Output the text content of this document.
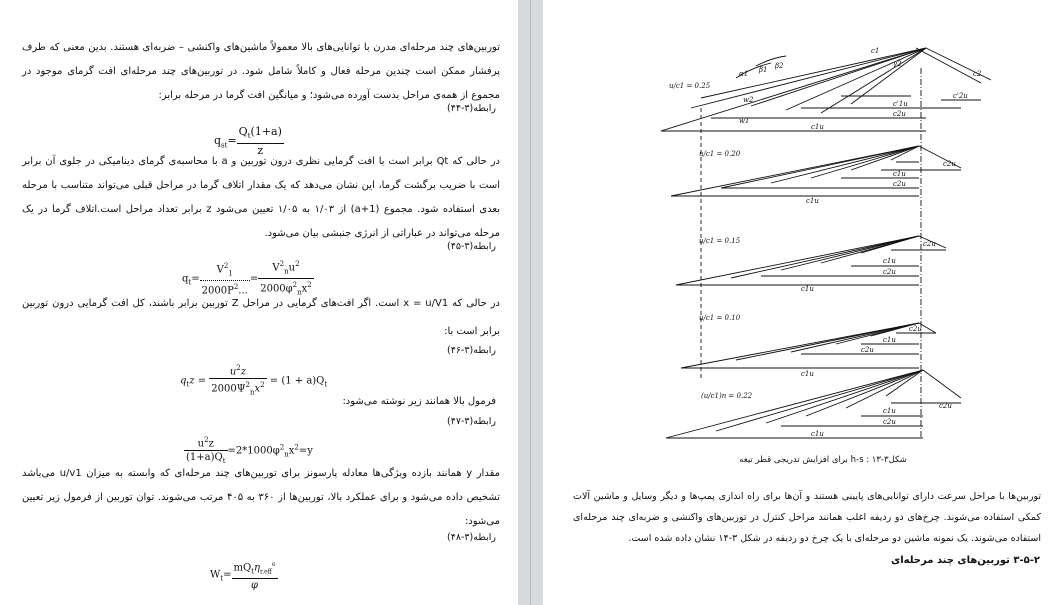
توربین‌های چند مرحله‌ای مدرن با توانایی‌های بالا معمولاً ماشین‌های واکنشی – ضربه‌ای هستند. بدین معنی که طرف پرفشار ممکن است چندین مرحله فعال و کاملاً شامل شود. در توربین‌های چند مرحله‌ای افت گرمای موجود در مجموع از همه‌ی مراحل بدست آورده می‌شود؛ و میانگین افت گرما در مرحله برابر:
رابطه(۳-۴۴)
$q_{st}= \frac{Q_t(1+a)}{z}$
در حالی که Qt برابر است با افت گرمایی نظری درون توربین و a با محاسبه‌ی گرمای دینامیکی در جلوی آن برابر است با ضریب برگشت گرما، این نشان می‌دهد که یک مقدار اتلاف گرما در مراحل قبلی می‌تواند متناسب با مرحله بعدی استفاده شود. مجموع (1+a) از ۱/۰۳ به ۱/۰۵ تعیین می‌شود z برابر تعداد مراحل است.اتلاف گرما در یک مرحله می‌تواند در عباراتی از انرژی جنبشی بیان می‌شود.
رابطه(۳-۴۵)
$q_t= \frac{V^2_1}{2000P^2...} = \frac{V^2_nu^2}{2000\varphi^2_nx^2}$
در حالی که x = u/V1 است. اگر افت‌های گرمایی در مراحل Z توربین برابر باشند، کل افت گرمایی درون توربین برابر است با:
رابطه(۳-۴۶)
$q_tz = \frac{u^2z}{2000\Psi^2_nx^2} = (1 + a)Q_t$
فرمول بالا همانند زیر نوشته می‌شود:
رابطه(۳-۴۷)
$\frac{u^2z}{(1+a)Q_t} =2*1000\varphi^2_nx^2=y$
مقدار y همانند بازده ویژگی‌ها معادله پارسونز برای توربین‌های چند مرحله‌ای که وابسته به میزان u/v1 می‌باشد تشخیص داده می‌شود و برای عملکرد بالا، توربین‌ها از ۳۶۰ به ۴۰۵ مرتب می‌شوند. توان توربین از فرمول زیر تعیین می‌شود:
رابطه(۳-۴۸)
$W_t= \frac{mQ_t\eta_{r.eff}^e}{\varphi}$
u/c1 = 0.25
α1 β1 β2	γ2
c2
w2
w1
c1
c'1u
c'2u
c2u
c1u
u/c1 = 0.20
c2u
c1u
c2u
c1u
u/c1 = 0.15	c2u
c1u
c2u
c1u
u/c1 = 0.10
c2u
c1u
c2u
c1u
(u/c1)n = 0.22
c2u
c1u
c2u
c1u
شکل۳-۱۳ : h-s برای افزایش تدریجی قطر تیغه
توربین‌ها با مراحل سرعت دارای توانایی‌های پایینی هستند و آن‌ها برای راه اندازی پمپ‌ها و دیگر وسایل و ماشین آلات کمکی استفاده می‌شوند. چرخ‌های دو ردیفه اغلب همانند مراحل کنترل در توربین‌های واکنشی و ضربه‌ای چند مرحله‌ای استفاده می‌شوند. یک نمونه ماشین دو مرحله‌ای با یک چرخ دو ردیفه در شکل ۳-۱۴ نشان داده شده است.
۳-۵-۲ توربین‌های چند مرحله‌ای
